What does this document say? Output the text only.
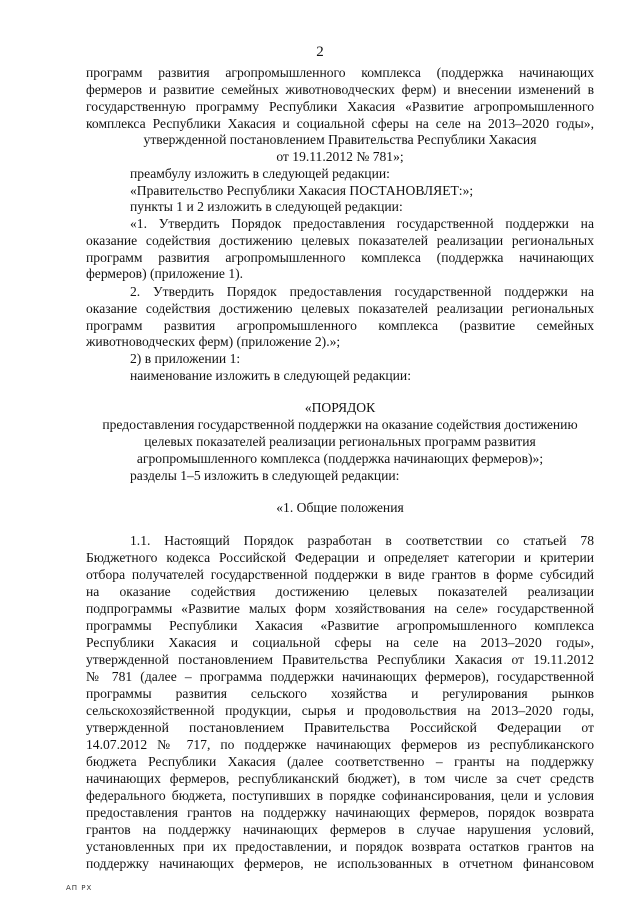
2
программ развития агропромышленного комплекса (поддержка начинающих
фермеров и развитие семейных животноводческих ферм) и внесении изменений в
государственную программу Республики Хакасия «Развитие агропромышленного
комплекса Республики Хакасия и социальной сферы на селе на 2013–2020 годы»,
утвержденной постановлением Правительства Республики Хакасия
от 19.11.2012 № 781»;
преамбулу изложить в следующей редакции:
«Правительство Республики Хакасия ПОСТАНОВЛЯЕТ:»;
пункты 1 и 2 изложить в следующей редакции:
«1. Утвердить Порядок предоставления государственной поддержки на
оказание содействия достижению целевых показателей реализации региональных
программ развития агропромышленного комплекса (поддержка начинающих
фермеров) (приложение 1).
2. Утвердить Порядок предоставления государственной поддержки на
оказание содействия достижению целевых показателей реализации региональных
программ развития агропромышленного комплекса (развитие семейных
животноводческих ферм) (приложение 2).»;
2) в приложении 1:
наименование изложить в следующей редакции:
«ПОРЯДОК
предоставления государственной поддержки на оказание содействия достижению
целевых показателей реализации региональных программ развития
агропромышленного комплекса (поддержка начинающих фермеров)»;
разделы 1–5 изложить в следующей редакции:
«1. Общие положения
1.1. Настоящий Порядок разработан в соответствии со статьей 78
Бюджетного кодекса Российской Федерации и определяет категории и критерии
отбора получателей государственной поддержки в виде грантов в форме субсидий
на оказание содействия достижению целевых показателей реализации
подпрограммы «Развитие малых форм хозяйствования на селе» государственной
программы Республики Хакасия «Развитие агропромышленного комплекса
Республики Хакасия и социальной сферы на селе на 2013–2020 годы»,
утвержденной постановлением Правительства Республики Хакасия от 19.11.2012
№ 781 (далее – программа поддержки начинающих фермеров), государственной
программы развития сельского хозяйства и регулирования рынков
сельскохозяйственной продукции, сырья и продовольствия на 2013–2020 годы,
утвержденной постановлением Правительства Российской Федерации от
14.07.2012 № 717, по поддержке начинающих фермеров из республиканского
бюджета Республики Хакасия (далее соответственно – гранты на поддержку
начинающих фермеров, республиканский бюджет), в том числе за счет средств
федерального бюджета, поступивших в порядке софинансирования, цели и условия
предоставления грантов на поддержку начинающих фермеров, порядок возврата
грантов на поддержку начинающих фермеров в случае нарушения условий,
установленных при их предоставлении, и порядок возврата остатков грантов на
поддержку начинающих фермеров, не использованных в отчетном финансовом
АП РХ
